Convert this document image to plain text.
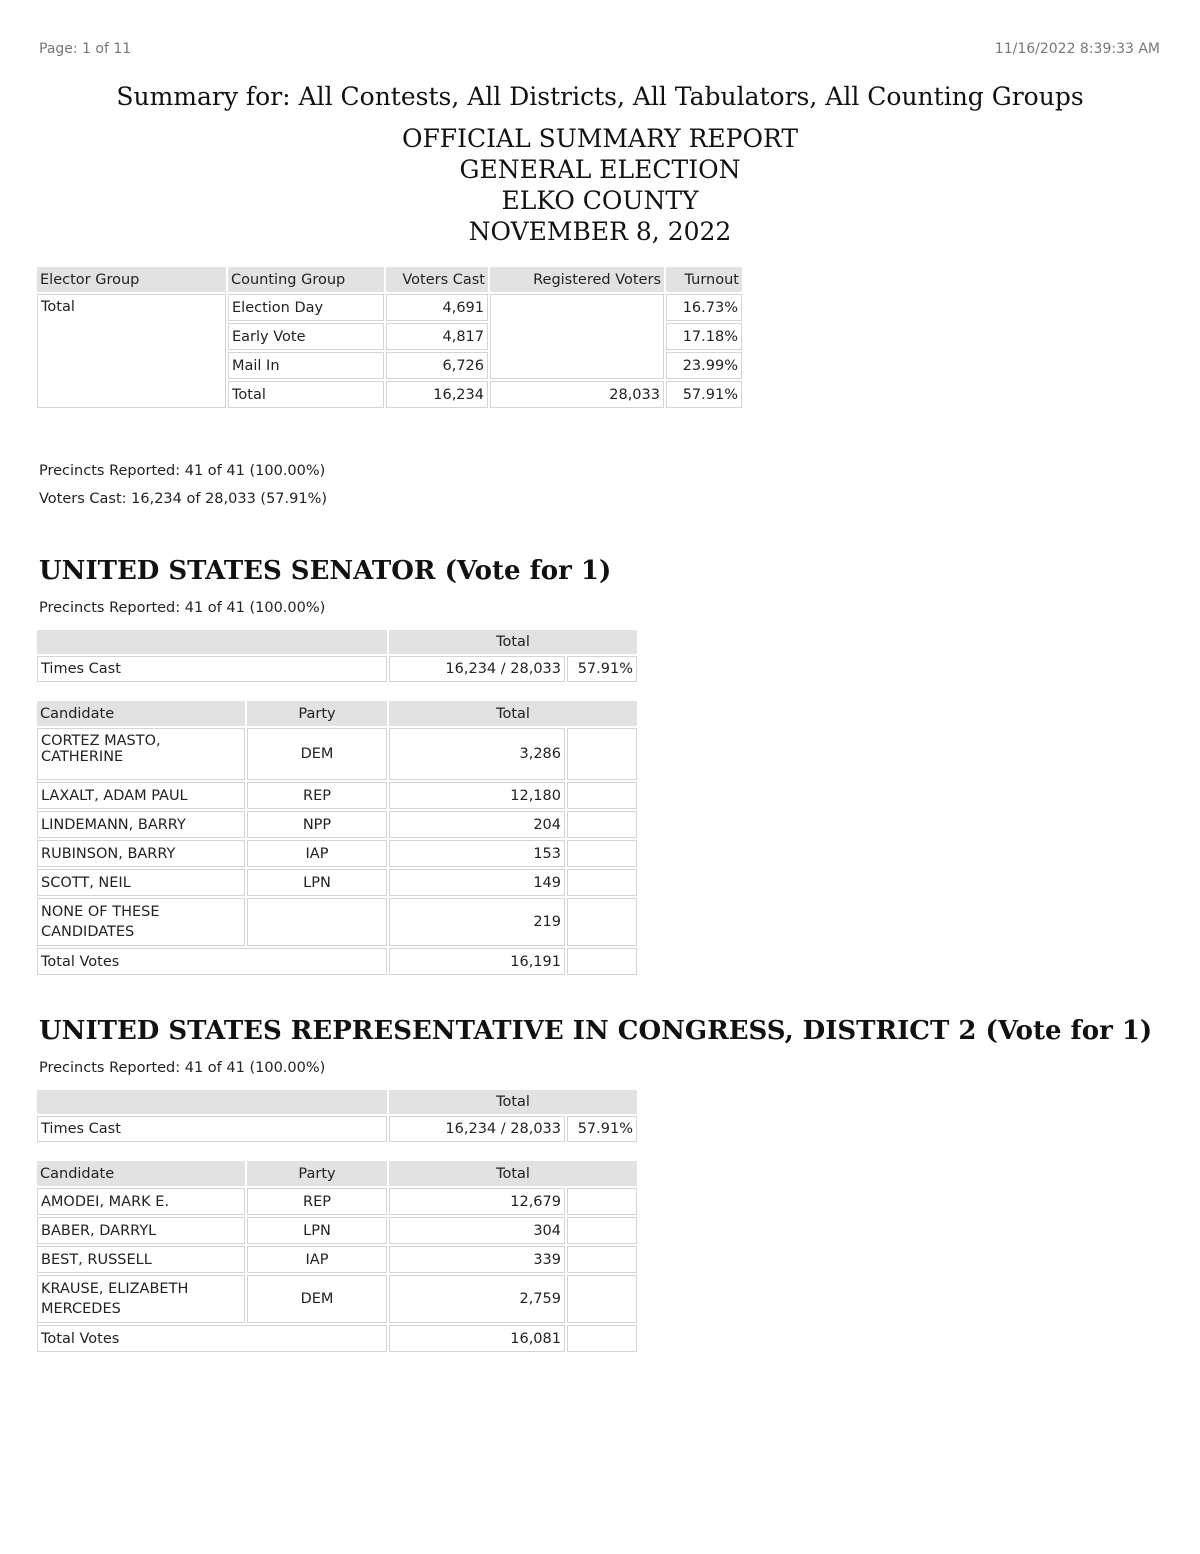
Page: 1 of 11	11/16/2022 8:39:33 AM
Summary for: All Contests, All Districts, All Tabulators, All Counting Groups
OFFICIAL SUMMARY REPORT
GENERAL ELECTION
ELKO COUNTY
NOVEMBER 8, 2022
Elector Group	Counting Group	Voters Cast	Registered Voters	Turnout
Total	Election Day	4,691		16.73%
	Early Vote	4,817		17.18%
	Mail In	6,726		23.99%
	Total	16,234	28,033	57.91%
Precincts Reported: 41 of 41 (100.00%)
Voters Cast: 16,234 of 28,033 (57.91%)
UNITED STATES SENATOR (Vote for 1)
Precincts Reported: 41 of 41 (100.00%)
	Total	
Times Cast	16,234 / 28,033	57.91%
Candidate	Party	Total	
CORTEZ MASTO, CATHERINE	DEM	3,286	
LAXALT, ADAM PAUL	REP	12,180	
LINDEMANN, BARRY	NPP	204	
RUBINSON, BARRY	IAP	153	
SCOTT, NEIL	LPN	149	

NONE OF THESE
CANDIDATES		219	
Total Votes		16,191	
UNITED STATES REPRESENTATIVE IN CONGRESS, DISTRICT 2 (Vote for 1)
Precincts Reported: 41 of 41 (100.00%)
	Total	
Times Cast	16,234 / 28,033	57.91%
Candidate	Party	Total	
AMODEI, MARK E.	REP	12,679	
BABER, DARRYL	LPN	304	
BEST, RUSSELL	IAP	339	

KRAUSE, ELIZABETH
MERCEDES	DEM	2,759	
Total Votes		16,081	
